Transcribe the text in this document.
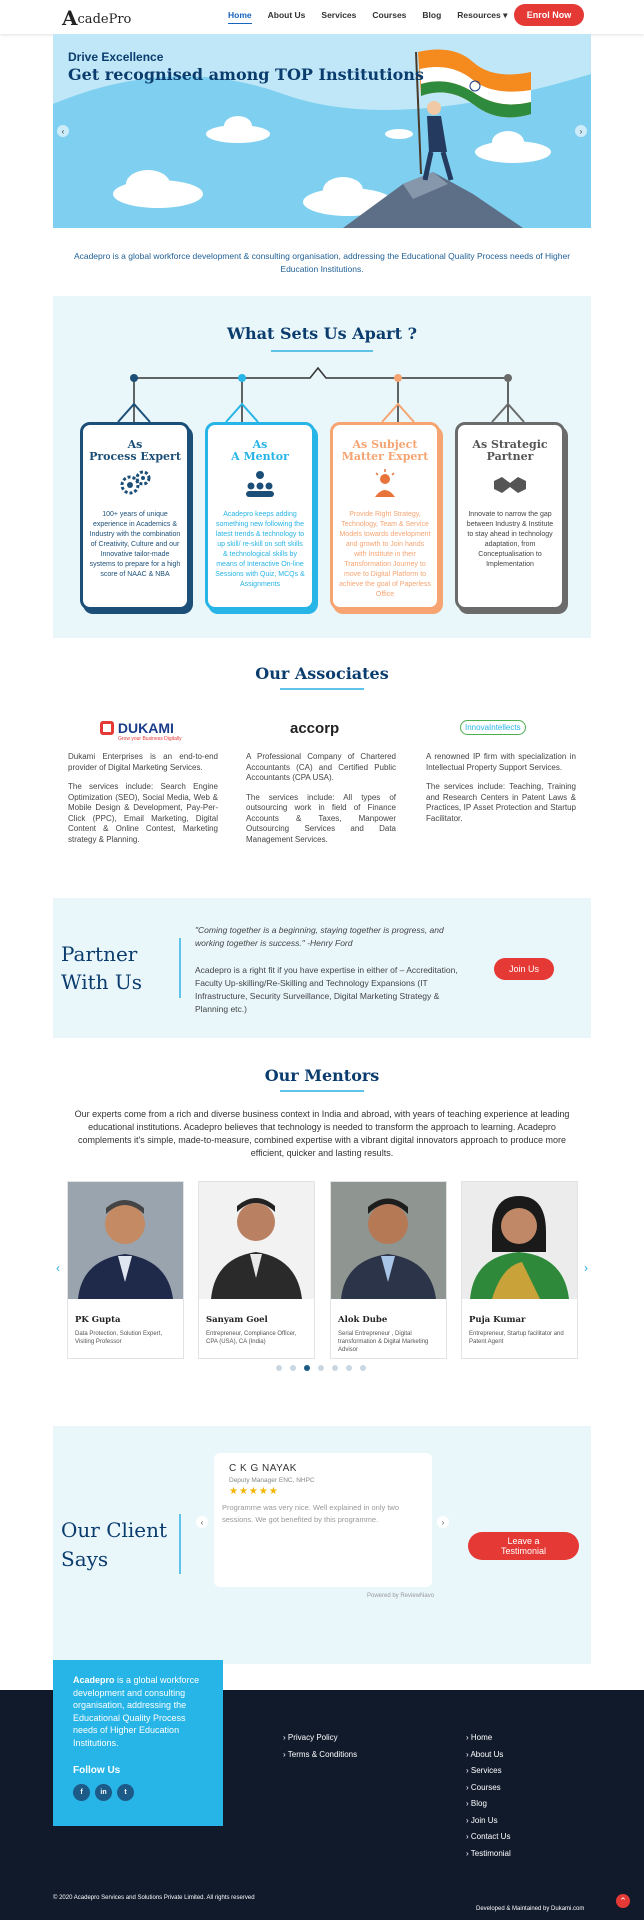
AcadePro	Home About Us Services Courses Blog Resources ▾	Enrol Now
Drive Excellence
Get recognised among TOP Institutions
‹	›
Acadepro is a global workforce development & consulting organisation, addressing the Educational Quality Process needs of Higher Education Institutions.
What Sets Us Apart ?
As
Process Expert
100+ years of unique experience in Academics & Industry with the combination of Creativity, Culture and our Innovative tailor-made systems to prepare for a high score of NAAC & NBA
As
A Mentor
Acadepro keeps adding something new following the latest trends & technology to up skill/ re-skill on soft skills & technological skills by means of Interactive On-line Sessions with Quiz, MCQs & Assignments
As Subject
Matter Expert
Provide Right Strategy, Technology, Team & Service Models towards development and growth to Join hands with Institute in their Transformation Journey to move to Digital Platform to achieve the goal of Paperless Office
As Strategic
Partner
Innovate to narrow the gap between Industry & Institute to stay ahead in technology adaptation, from Conceptualisation to Implementation
Our Associates
DUKAMI
Grow your Business Digitally
accorp	InnovaIntellects

Dukami Enterprises is an end-to-end provider of Digital Marketing Services.

The services include: Search Engine Optimization (SEO), Social Media, Web & Mobile Design & Development, Pay-Per-Click (PPC), Email Marketing, Digital Content & Online Contest, Marketing strategy & Planning.

A Professional Company of Chartered Accountants (CA) and Certified Public Accountants (CPA USA).

The services include: All types of outsourcing work in field of Finance Accounts & Taxes, Manpower Outsourcing Services and Data Management Services.

A renowned IP firm with specialization in Intellectual Property Support Services.

The services include: Teaching, Training and Research Centers in Patent Laws & Practices, IP Asset Protection and Startup Facilitator.

Partner
With Us
"Coming together is a beginning, staying together is progress, and working together is success." -Henry Ford
Acadepro is a right fit if you have expertise in either of – Accreditation, Faculty Up-skilling/Re-Skilling and Technology Expansions (IT Infrastructure, Security Surveillance, Digital Marketing Strategy & Planning etc.)
Join Us
Our Mentors
Our experts come from a rich and diverse business context in India and abroad, with years of teaching experience at leading educational institutions. Acadepro believes that technology is needed to transform the approach to learning. Acadepro complements it's simple, made-to-measure, combined expertise with a vibrant digital innovators approach to produce more efficient, quicker and lasting results.
‹	›
PK Gupta
Data Protection, Solution Expert, Visiting Professor
Sanyam Goel
Entrepreneur, Compliance Officer, CPA (USA), CA (India)
Alok Dube
Serial Entrepreneur , Digital transformation & Digital Marketing Advisor
Puja Kumar
Entrepreneur, Startup facilitator and Patent Agent
Our Client
Says
‹	›
C K G NAYAK
Deputy Manager ENC, NHPC
★★★★★
Programme was very nice. Well explained in only two sessions. We got benefited by this programme.
Powered by ReviewNavo
Leave a
Testimonial
Acadepro is a global workforce development and consulting organisation, addressing the Educational Quality Process needs of Higher Education Institutions.
Follow Us
f	in	t
› Privacy Policy
› Terms & Conditions
› Home
› About Us
› Services
› Courses
› Blog
› Join Us
› Contact Us
› Testimonial
© 2020 Acadepro Services and Solutions Private Limited. All rights reserved
Developed & Maintained by Dukami.com
⌃
